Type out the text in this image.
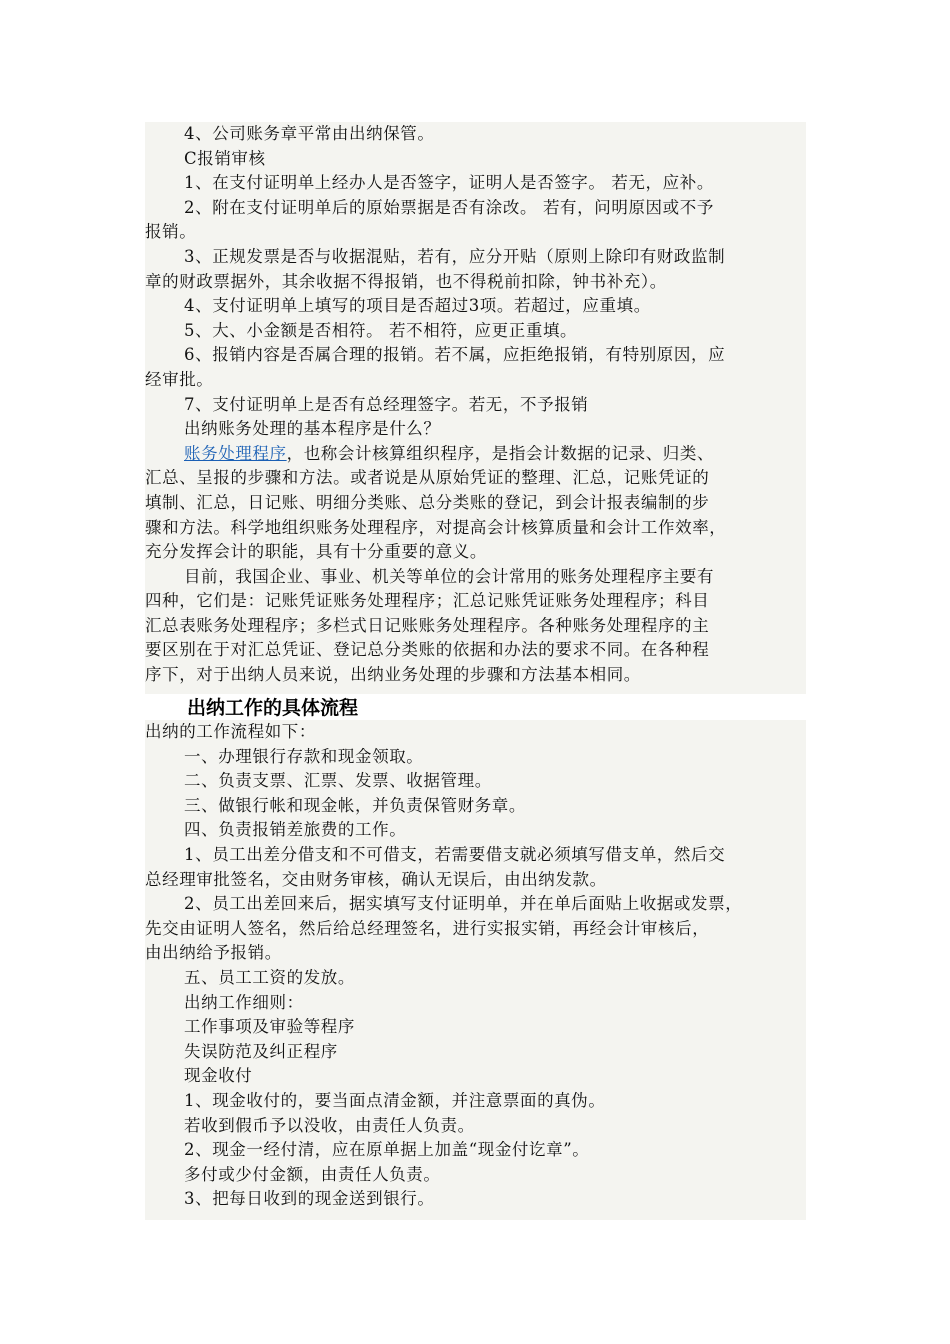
4、公司账务章平常由出纳保管。

C报销审核

1、在支付证明单上经办人是否签字，证明人是否签字。 若无，应补。

2、附在支付证明单后的原始票据是否有涂改。 若有，问明原因或不予

报销。

3、正规发票是否与收据混贴，若有，应分开贴（原则上除印有财政监制

章的财政票据外，其余收据不得报销，也不得税前扣除，钟书补充）。

4、支付证明单上填写的项目是否超过3项。若超过，应重填。

5、大、小金额是否相符。 若不相符，应更正重填。

6、报销内容是否属合理的报销。若不属，应拒绝报销，有特别原因，应

经审批。

7、支付证明单上是否有总经理签字。若无，不予报销

出纳账务处理的基本程序是什么？

账务处理程序，也称会计核算组织程序，是指会计数据的记录、归类、

汇总、呈报的步骤和方法。或者说是从原始凭证的整理、汇总，记账凭证的

填制、汇总，日记账、明细分类账、总分类账的登记，到会计报表编制的步

骤和方法。科学地组织账务处理程序，对提高会计核算质量和会计工作效率，

充分发挥会计的职能，具有十分重要的意义。

目前，我国企业、事业、机关等单位的会计常用的账务处理程序主要有

四种，它们是：记账凭证账务处理程序；汇总记账凭证账务处理程序；科目

汇总表账务处理程序；多栏式日记账账务处理程序。各种账务处理程序的主

要区别在于对汇总凭证、登记总分类账的依据和办法的要求不同。在各种程

序下，对于出纳人员来说，出纳业务处理的步骤和方法基本相同。

出纳工作的具体流程

出纳的工作流程如下：

一、办理银行存款和现金领取。

二、负责支票、汇票、发票、收据管理。

三、做银行帐和现金帐，并负责保管财务章。

四、负责报销差旅费的工作。

1、员工出差分借支和不可借支，若需要借支就必须填写借支单，然后交

总经理审批签名，交由财务审核，确认无误后，由出纳发款。

2、员工出差回来后，据实填写支付证明单，并在单后面贴上收据或发票，

先交由证明人签名，然后给总经理签名，进行实报实销，再经会计审核后，

由出纳给予报销。

五、员工工资的发放。

出纳工作细则：

工作事项及审验等程序

失误防范及纠正程序

现金收付

1、现金收付的，要当面点清金额，并注意票面的真伪。

若收到假币予以没收，由责任人负责。

2、现金一经付清，应在原单据上加盖“现金付讫章”。

多付或少付金额，由责任人负责。

3、把每日收到的现金送到银行。
